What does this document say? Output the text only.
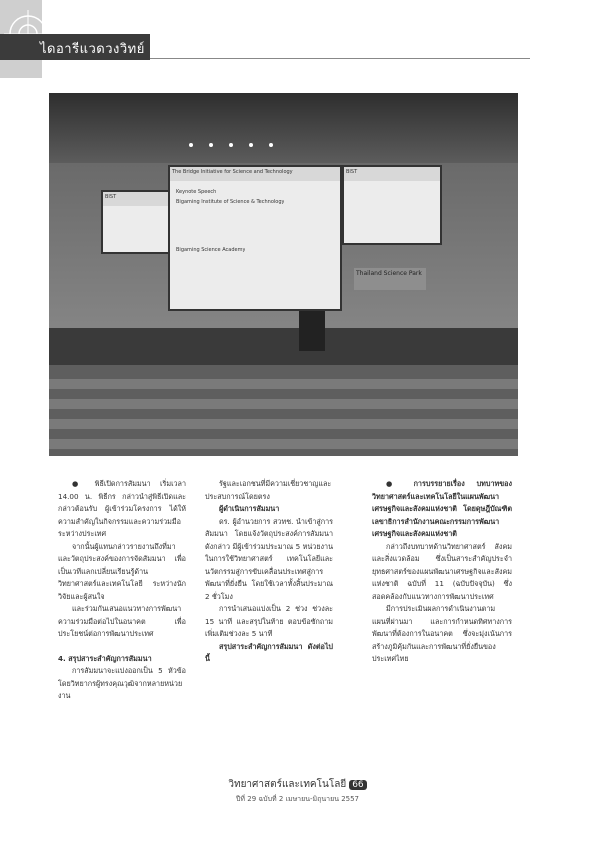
ไดอารีแวดวงวิทย์
BIST
The Bridge Initiative for Science and Technology
Keynote Speech
Bigaming Institute of Science & Technology
Bigaming Science Academy
BIST
Thailand Science Park

● พิธีเปิดการสัมมนา เริ่มเวลา 14.00 น. พิธีกร กล่าวนำสู่พิธีเปิดและกล่าวต้อนรับ ผู้เข้าร่วมโครงการ ได้ให้ความสำคัญในกิจกรรมและความร่วมมือระหว่างประเทศ

จากนั้นผู้แทนกล่าวรายงานถึงที่มาและวัตถุประสงค์ของการจัดสัมมนา เพื่อเป็นเวทีแลกเปลี่ยนเรียนรู้ด้านวิทยาศาสตร์และเทคโนโลยี ระหว่างนักวิจัยและผู้สนใจ

และร่วมกันเสนอแนวทางการพัฒนาความร่วมมือต่อไปในอนาคต เพื่อประโยชน์ต่อการพัฒนาประเทศ

4. สรุปสาระสำคัญการสัมมนา

การสัมมนาจะแบ่งออกเป็น 5 หัวข้อ โดยวิทยากรผู้ทรงคุณวุฒิจากหลายหน่วยงาน

รัฐและเอกชนที่มีความเชี่ยวชาญและประสบการณ์โดยตรง

ผู้ดำเนินการสัมมนา

ดร. ผู้อำนวยการ สวทช. นำเข้าสู่การสัมมนา โดยแจ้งวัตถุประสงค์การสัมมนาดังกล่าว มีผู้เข้าร่วมประมาณ 5 หน่วยงานในการใช้วิทยาศาสตร์ เทคโนโลยีและนวัตกรรมสู่การขับเคลื่อนประเทศสู่การพัฒนาที่ยั่งยืน โดยใช้เวลาทั้งสิ้นประมาณ 2 ชั่วโมง

การนำเสนอแบ่งเป็น 2 ช่วง ช่วงละ 15 นาที และสรุปในท้าย ตอบข้อซักถามเพิ่มเติมช่วงละ 5 นาที

สรุปสาระสำคัญการสัมมนา ดังต่อไปนี้

● การบรรยายเรื่อง บทบาทของวิทยาศาสตร์และเทคโนโลยีในแผนพัฒนาเศรษฐกิจและสังคมแห่งชาติ โดยดุษฎีบัณฑิต เลขาธิการสำนักงานคณะกรรมการพัฒนาเศรษฐกิจและสังคมแห่งชาติ

กล่าวถึงบทบาทด้านวิทยาศาสตร์ สังคม และสิ่งแวดล้อม ซึ่งเป็นสาระสำคัญประจำยุทธศาสตร์ของแผนพัฒนาเศรษฐกิจและสังคมแห่งชาติ ฉบับที่ 11 (ฉบับปัจจุบัน) ซึ่งสอดคล้องกับแนวทางการพัฒนาประเทศ

มีการประเมินผลการดำเนินงานตามแผนที่ผ่านมา และการกำหนดทิศทางการพัฒนาที่ต้องการในอนาคต ซึ่งจะมุ่งเน้นการสร้างภูมิคุ้มกันและการพัฒนาที่ยั่งยืนของประเทศไทย

วิทยาศาสตร์และเทคโนโลยี 66
ปีที่ 29 ฉบับที่ 2 เมษายน-มิถุนายน 2557
